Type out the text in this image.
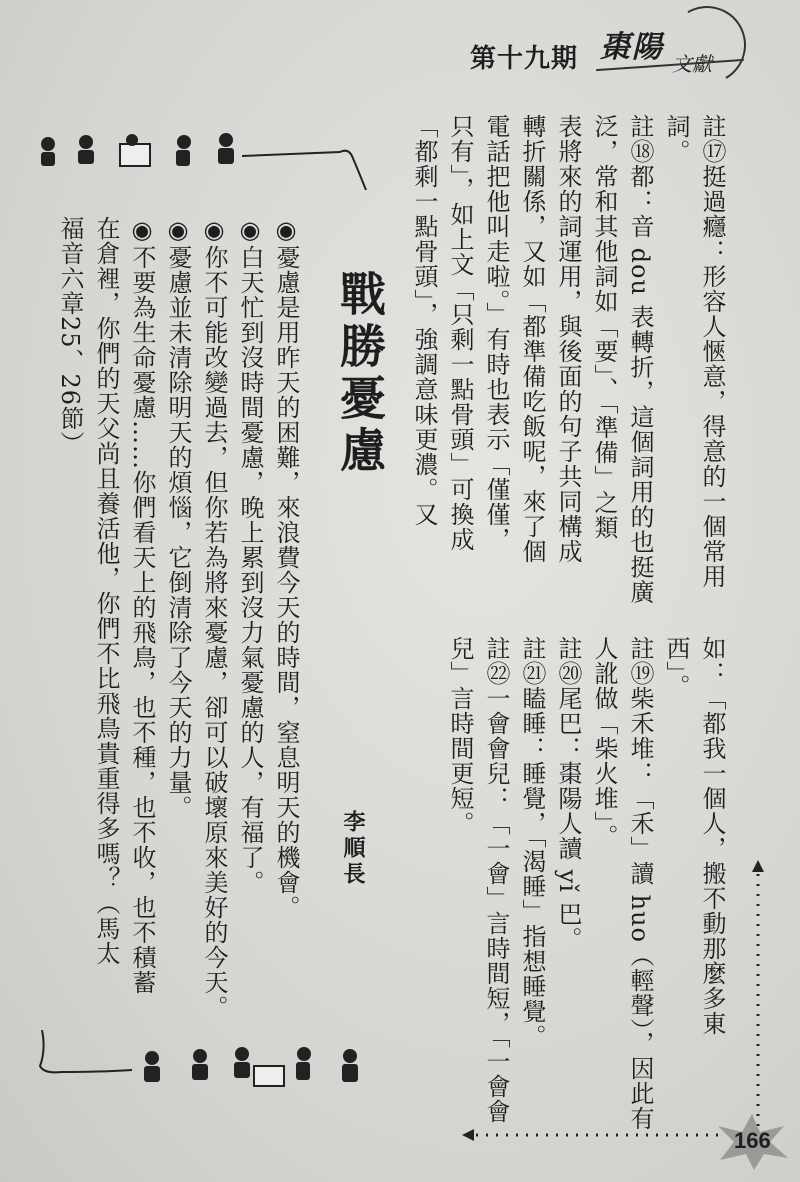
第十九期 棗陽 文獻
註⑰挺過癮：形容人愜意，得意的一個常用
詞。
註⑱都：音 dou 表轉折，這個詞用的也挺廣
泛，常和其他詞如「要」、「準備」之類
表將來的詞運用，與後面的句子共同構成
轉折關係，又如「都準備吃飯呢，來了個
電話把他叫走啦。」有時也表示「僅僅，
只有」，如上文「只剩一點骨頭」可換成
「都剩一點骨頭」，強調意味更濃。又
如：「都我一個人，搬不動那麼多東
西」。
註⑲柴禾堆：「禾」讀 huo（輕聲），因此有
人訛做「柴火堆」。
註⑳尾巴：棗陽人讀 yǐ 巴。
註㉑瞌睡：睡覺，「渴睡」指想睡覺。
註㉒一會會兒：「一會」言時間短，「一會會
兒」言時間更短。
戰勝憂慮
李順長
◉憂慮是用昨天的困難，來浪費今天的時間，窒息明天的機會。
◉白天忙到沒時間憂慮，晚上累到沒力氣憂慮的人，有福了。
◉你不可能改變過去，但你若為將來憂慮，卻可以破壞原來美好的今天。
◉憂慮並未清除明天的煩惱，它倒清除了今天的力量。
◉不要為生命憂慮……你們看天上的飛鳥，也不種，也不收，也不積蓄
在倉裡，你們的天父尚且養活他，你們不比飛鳥貴重得多嗎？（馬太
福音六章25、26節）
166
